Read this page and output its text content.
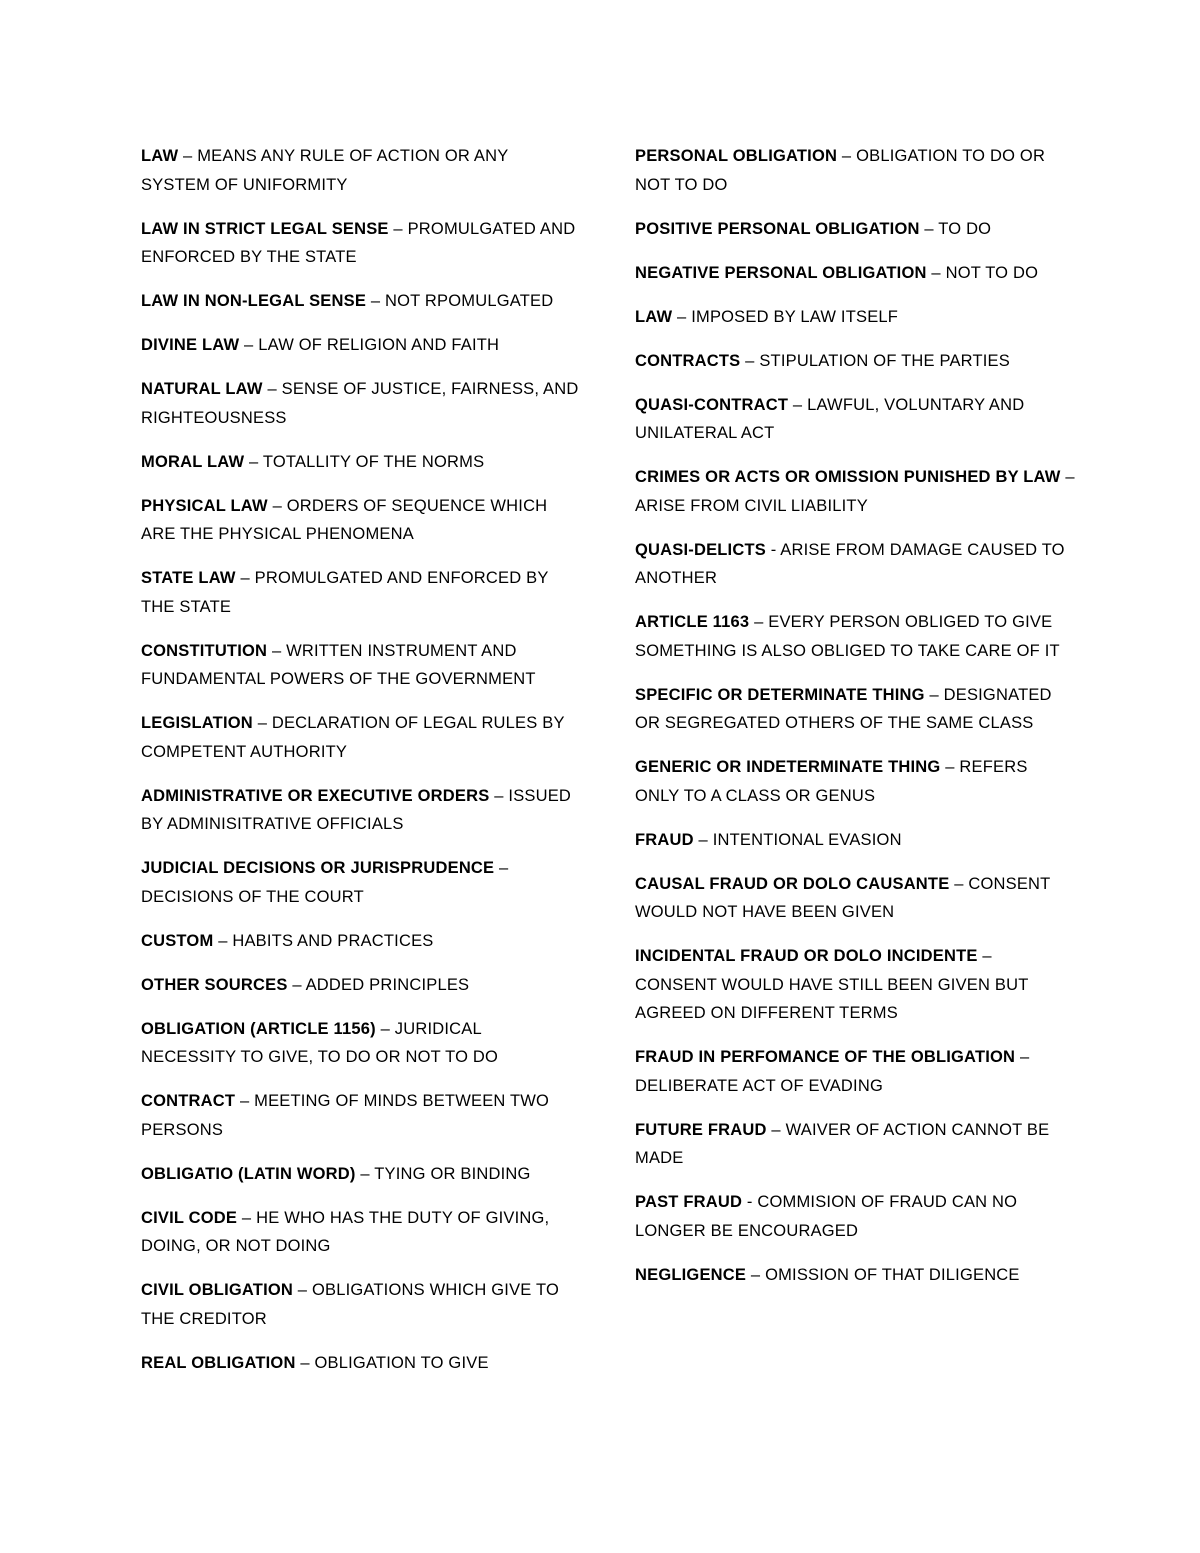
LAW – MEANS ANY RULE OF ACTION OR ANY SYSTEM OF UNIFORMITY

LAW IN STRICT LEGAL SENSE – PROMULGATED AND ENFORCED BY THE STATE

LAW IN NON-LEGAL SENSE – NOT RPOMULGATED

DIVINE LAW – LAW OF RELIGION AND FAITH

NATURAL LAW – SENSE OF JUSTICE, FAIRNESS, AND RIGHTEOUSNESS

MORAL LAW – TOTALLITY OF THE NORMS

PHYSICAL LAW – ORDERS OF SEQUENCE WHICH ARE THE PHYSICAL PHENOMENA

STATE LAW – PROMULGATED AND ENFORCED BY THE STATE

CONSTITUTION – WRITTEN INSTRUMENT AND FUNDAMENTAL POWERS OF THE GOVERNMENT

LEGISLATION – DECLARATION OF LEGAL RULES BY COMPETENT AUTHORITY

ADMINISTRATIVE OR EXECUTIVE ORDERS – ISSUED BY ADMINISITRATIVE OFFICIALS

JUDICIAL DECISIONS OR JURISPRUDENCE – DECISIONS OF THE COURT

CUSTOM – HABITS AND PRACTICES

OTHER SOURCES – ADDED PRINCIPLES

OBLIGATION (ARTICLE 1156) – JURIDICAL NECESSITY TO GIVE, TO DO OR NOT TO DO

CONTRACT – MEETING OF MINDS BETWEEN TWO PERSONS

OBLIGATIO (LATIN WORD) – TYING OR BINDING

CIVIL CODE – HE WHO HAS THE DUTY OF GIVING, DOING, OR NOT DOING

CIVIL OBLIGATION – OBLIGATIONS WHICH GIVE TO THE CREDITOR

REAL OBLIGATION – OBLIGATION TO GIVE

PERSONAL OBLIGATION – OBLIGATION TO DO OR NOT TO DO

POSITIVE PERSONAL OBLIGATION – TO DO

NEGATIVE PERSONAL OBLIGATION – NOT TO DO

LAW – IMPOSED BY LAW ITSELF

CONTRACTS – STIPULATION OF THE PARTIES

QUASI-CONTRACT – LAWFUL, VOLUNTARY AND UNILATERAL ACT

CRIMES OR ACTS OR OMISSION PUNISHED BY LAW – ARISE FROM CIVIL LIABILITY

QUASI-DELICTS - ARISE FROM DAMAGE CAUSED TO ANOTHER

ARTICLE 1163 – EVERY PERSON OBLIGED TO GIVE SOMETHING IS ALSO OBLIGED TO TAKE CARE OF IT

SPECIFIC OR DETERMINATE THING – DESIGNATED OR SEGREGATED OTHERS OF THE SAME CLASS

GENERIC OR INDETERMINATE THING – REFERS ONLY TO A CLASS OR GENUS

FRAUD – INTENTIONAL EVASION

CAUSAL FRAUD OR DOLO CAUSANTE – CONSENT WOULD NOT HAVE BEEN GIVEN

INCIDENTAL FRAUD OR DOLO INCIDENTE – CONSENT WOULD HAVE STILL BEEN GIVEN BUT AGREED ON DIFFERENT TERMS

FRAUD IN PERFOMANCE OF THE OBLIGATION – DELIBERATE ACT OF EVADING

FUTURE FRAUD – WAIVER OF ACTION CANNOT BE MADE

PAST FRAUD - COMMISION OF FRAUD CAN NO LONGER BE ENCOURAGED

NEGLIGENCE – OMISSION OF THAT DILIGENCE
